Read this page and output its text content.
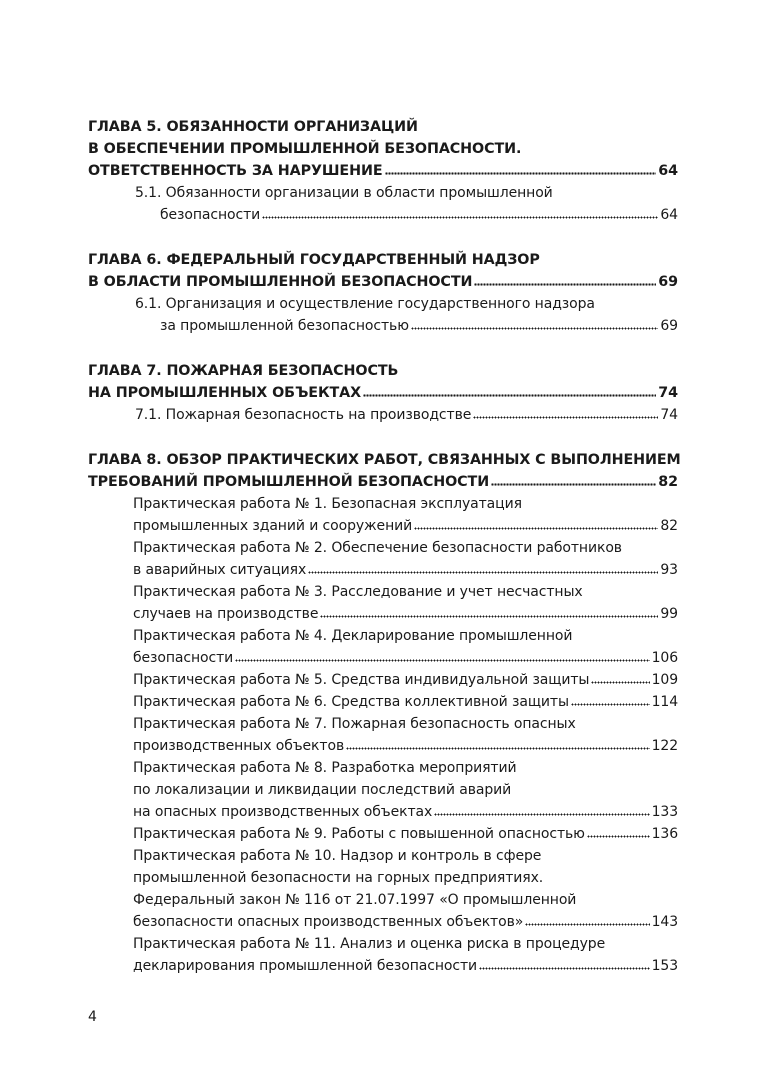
ГЛАВА 5. ОБЯЗАННОСТИ ОРГАНИЗАЦИЙ
В ОБЕСПЕЧЕНИИ ПРОМЫШЛЕННОЙ БЕЗОПАСНОСТИ.
ОТВЕТСТВЕННОСТЬ ЗА НАРУШЕНИЕ	64
5.1. Обязанности организации в области промышленной
безопасности	64
ГЛАВА 6. ФЕДЕРАЛЬНЫЙ ГОСУДАРСТВЕННЫЙ НАДЗОР
В ОБЛАСТИ ПРОМЫШЛЕННОЙ БЕЗОПАСНОСТИ	69
6.1. Организация и осуществление государственного надзора
за промышленной безопасностью	69
ГЛАВА 7. ПОЖАРНАЯ БЕЗОПАСНОСТЬ
НА ПРОМЫШЛЕННЫХ ОБЪЕКТАХ	74
7.1. Пожарная безопасность на производстве	74
ГЛАВА 8. ОБЗОР ПРАКТИЧЕСКИХ РАБОТ, СВЯЗАННЫХ С ВЫПОЛНЕНИЕМ
ТРЕБОВАНИЙ ПРОМЫШЛЕННОЙ БЕЗОПАСНОСТИ	82
Практическая работа № 1. Безопасная эксплуатация
промышленных зданий и сооружений	82
Практическая работа № 2. Обеспечение безопасности работников
в аварийных ситуациях	93
Практическая работа № 3. Расследование и учет несчастных
случаев на производстве	99
Практическая работа № 4. Декларирование промышленной
безопасности	106
Практическая работа № 5. Средства индивидуальной защиты	109
Практическая работа № 6. Средства коллективной защиты	114
Практическая работа № 7. Пожарная безопасность опасных
производственных объектов	122
Практическая работа № 8. Разработка мероприятий
по локализации и ликвидации последствий аварий
на опасных производственных объектах	133
Практическая работа № 9. Работы с повышенной опасностью	136
Практическая работа № 10. Надзор и контроль в сфере
промышленной безопасности на горных предприятиях.
Федеральный закон № 116 от 21.07.1997 «О промышленной
безопасности опасных производственных объектов»	143
Практическая работа № 11. Анализ и оценка риска в процедуре
декларирования промышленной безопасности	153
4
